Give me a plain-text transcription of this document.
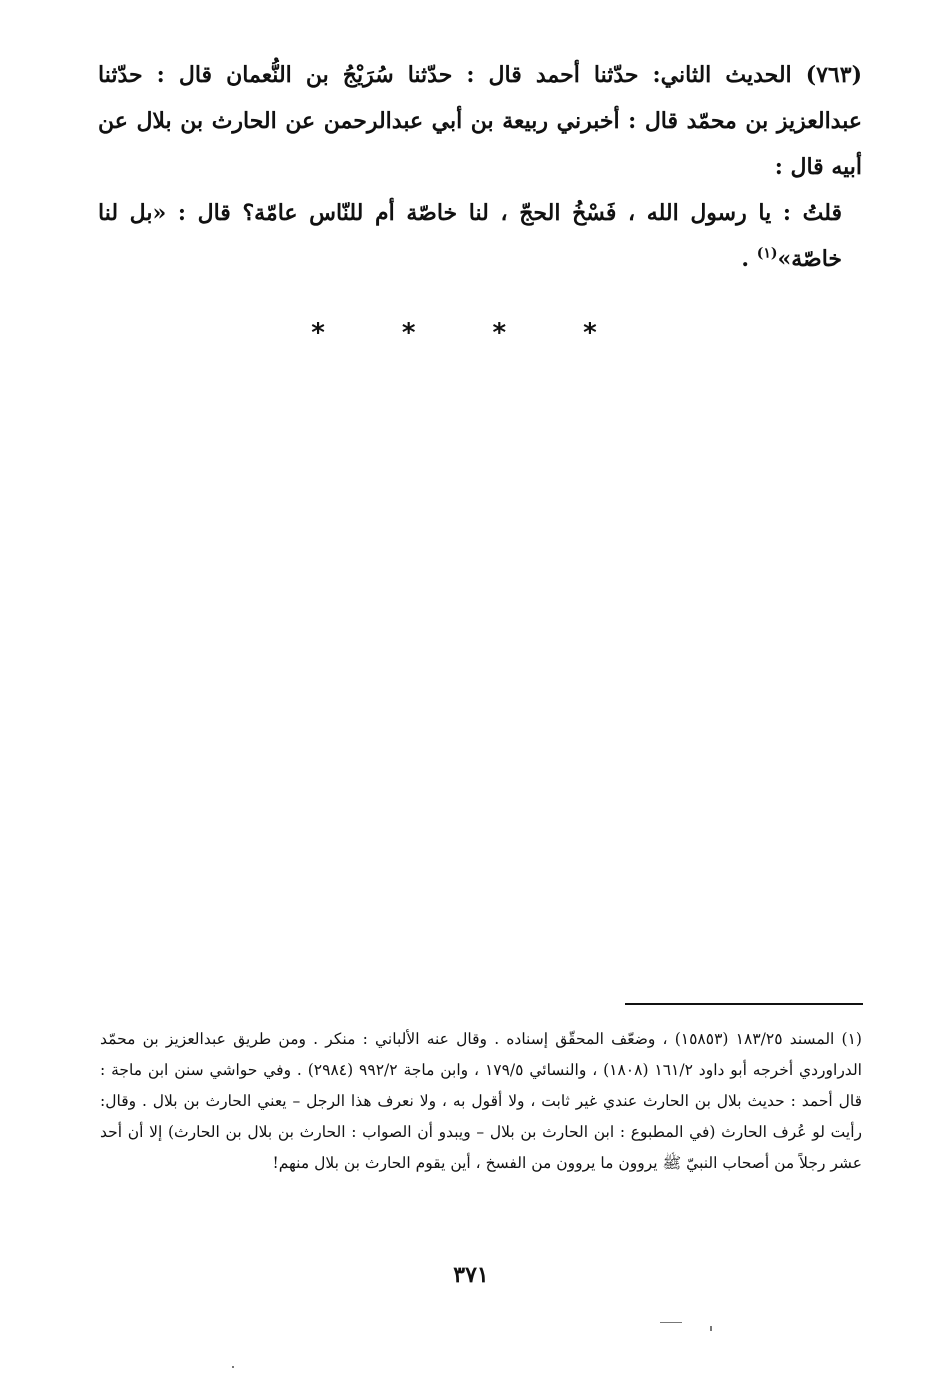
(٧٦٣) الحديث الثاني: حدّثنا أحمد قال : حدّثنا سُرَيْجُ بن النُّعمان قال : حدّثنا عبدالعزيز بن محمّد قال : أخبرني ربيعة بن أبي عبدالرحمن عن الحارث بن بلال عن أبيه قال :

قلتُ : يا رسول الله ، فَسْخُ الحجّ ، لنا خاصّة أم للنّاس عامّة؟ قال : «بل لنا خاصّة»$^{(١)}$ .

* * * *

(١) المسند ١٨٣/٢٥ (١٥٨٥٣) ، وضعّف المحقّق إسناده . وقال عنه الألباني : منكر . ومن طريق عبدالعزيز بن محمّد الدراوردي أخرجه أبو داود ١٦١/٢ (١٨٠٨) ، والنسائي ١٧٩/٥ ، وابن ماجة ٩٩٢/٢ (٢٩٨٤) . وفي حواشي سنن ابن ماجة : قال أحمد : حديث بلال بن الحارث عندي غير ثابت ، ولا أقول به ، ولا نعرف هذا الرجل – يعني الحارث بن بلال . وقال: رأيت لو عُرف الحارث (في المطبوع : ابن الحارث بن بلال – ويبدو أن الصواب : الحارث بن بلال بن الحارث) إلا أن أحد عشر رجلاً من أصحاب النبيّ ﷺ يروون ما يروون من الفسخ ، أين يقوم الحارث بن بلال منهم!

٣٧١
